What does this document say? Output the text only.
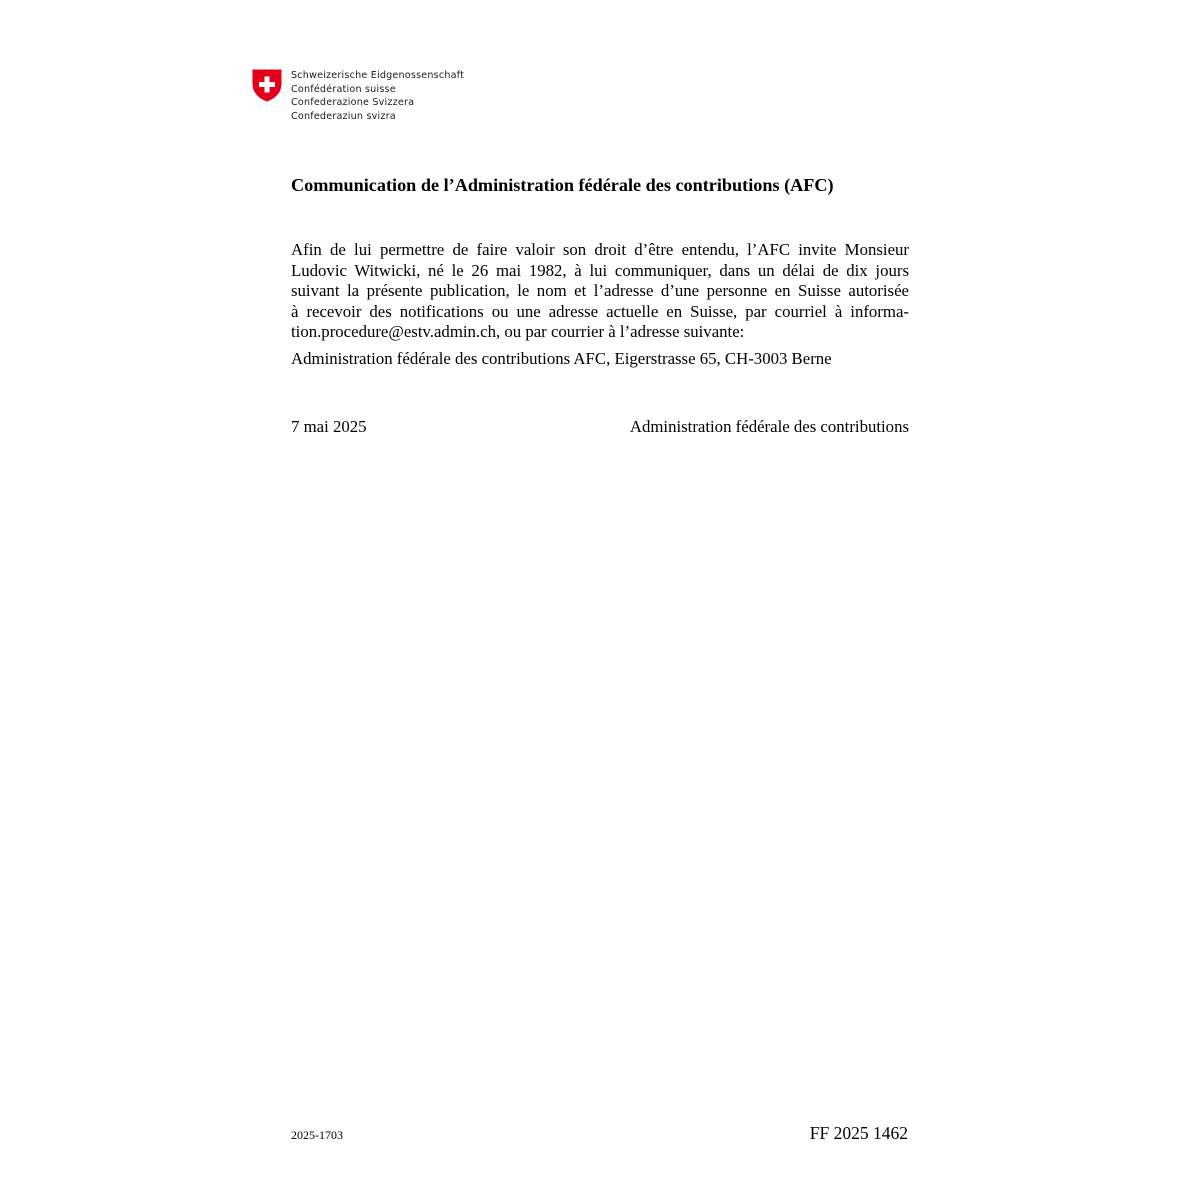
Schweizerische Eidgenossenschaft
Confédération suisse
Confederazione Svizzera
Confederaziun svizra
Communication de l’Administration fédérale des contributions (AFC)
Afin de lui permettre de faire valoir son droit d’être entendu, l’AFC invite Monsieur
Ludovic Witwicki, né le 26 mai 1982, à lui communiquer, dans un délai de dix jours
suivant la présente publication, le nom et l’adresse d’une personne en Suisse autorisée
à recevoir des notifications ou une adresse actuelle en Suisse, par courriel à informa-
tion.procedure@estv.admin.ch, ou par courrier à l’adresse suivante:
Administration fédérale des contributions AFC, Eigerstrasse 65, CH-3003 Berne
7 mai 2025	Administration fédérale des contributions
2025-1703	FF 2025 1462
